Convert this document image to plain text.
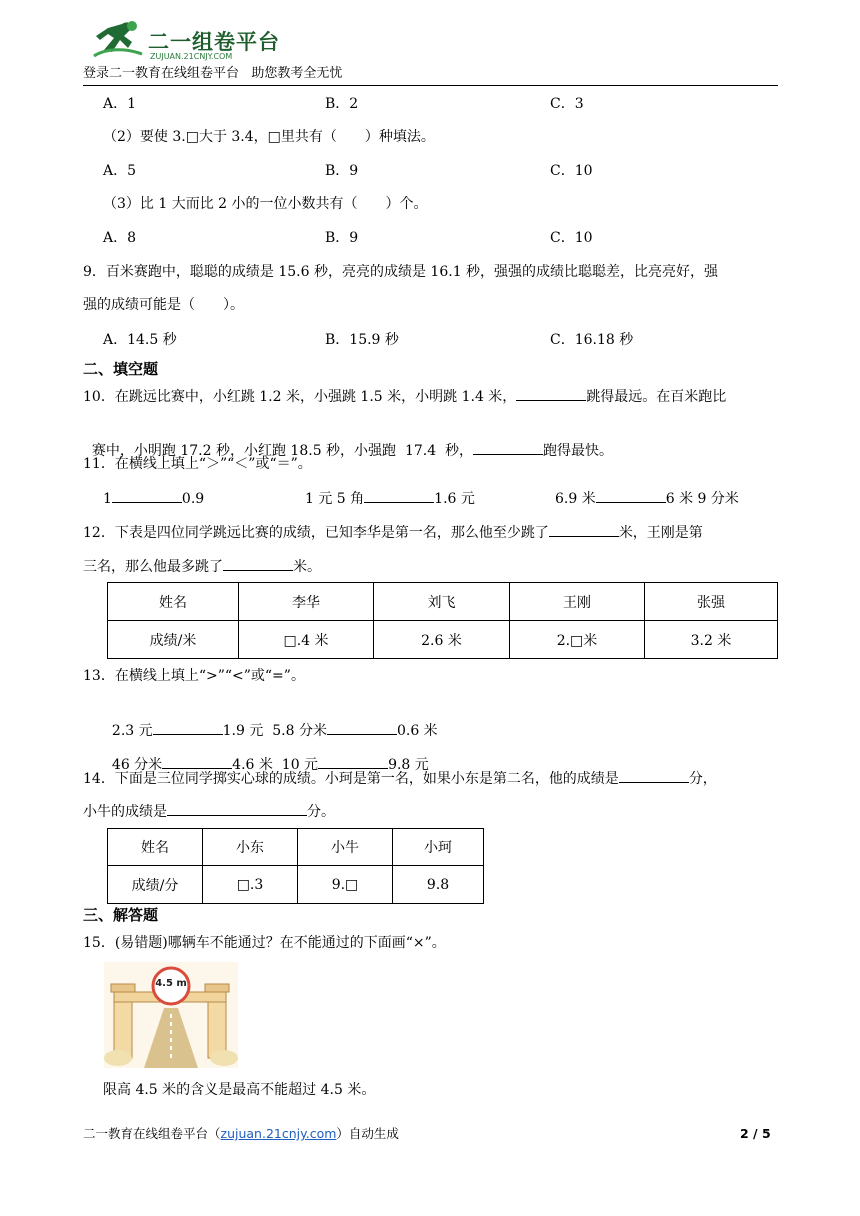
二一组卷平台
ZUJUAN.21CNJY.COM
登录二一教育在线组卷平台   助您教考全无忧
A．1	B．2	C．3
（2）要使 3.□大于 3.4，□里共有（　　）种填法。
A．5	B．9	C．10
（3）比 1 大而比 2 小的一位小数共有（　　）个。
A．8	B．9	C．10
9．百米赛跑中，聪聪的成绩是 15.6 秒，亮亮的成绩是 16.1 秒，强强的成绩比聪聪差，比亮亮好，强
强的成绩可能是（　　）。
A．14.5 秒	B．15.9 秒	C．16.18 秒
二、填空题
10．在跳远比赛中，小红跳 1.2 米，小强跳 1.5 米，小明跳 1.4 米，	跳得最远。在百米跑比

赛中，小明跑 17.2 秒，小红跑 18.5 秒，小强跑  17.4  秒，	跑得最快。

11．在横线上填上“＞”“＜”或“＝”。
1	0.9	1 元 5 角	1.6 元	6.9 米	6 米 9 分米
12．下表是四位同学跳远比赛的成绩，已知李华是第一名，那么他至少跳了	米，王刚是第
三名，那么他最多跳了	米。
姓名	李华	刘飞	王刚	张强
成绩/米	□.4 米	2.6 米	2.□米	3.2 米
13．在横线上填上“>”“<”或“=”。

2.3 元	1.9 元  5.8 分米	0.6 米

46 分米	4.6 米  10 元	9.8 元

14．下面是三位同学掷实心球的成绩。小珂是第一名，如果小东是第二名，他的成绩是	分，
小牛的成绩是	分。
姓名	小东	小牛	小珂
成绩/分	□.3	9.□	9.8
三、解答题
15．(易错题)哪辆车不能通过？在不能通过的下面画“×”。
4.5 m
限高 4.5 米的含义是最高不能超过 4.5 米。
二一教育在线组卷平台（zujuan.21cnjy.com）自动生成	2 / 5
